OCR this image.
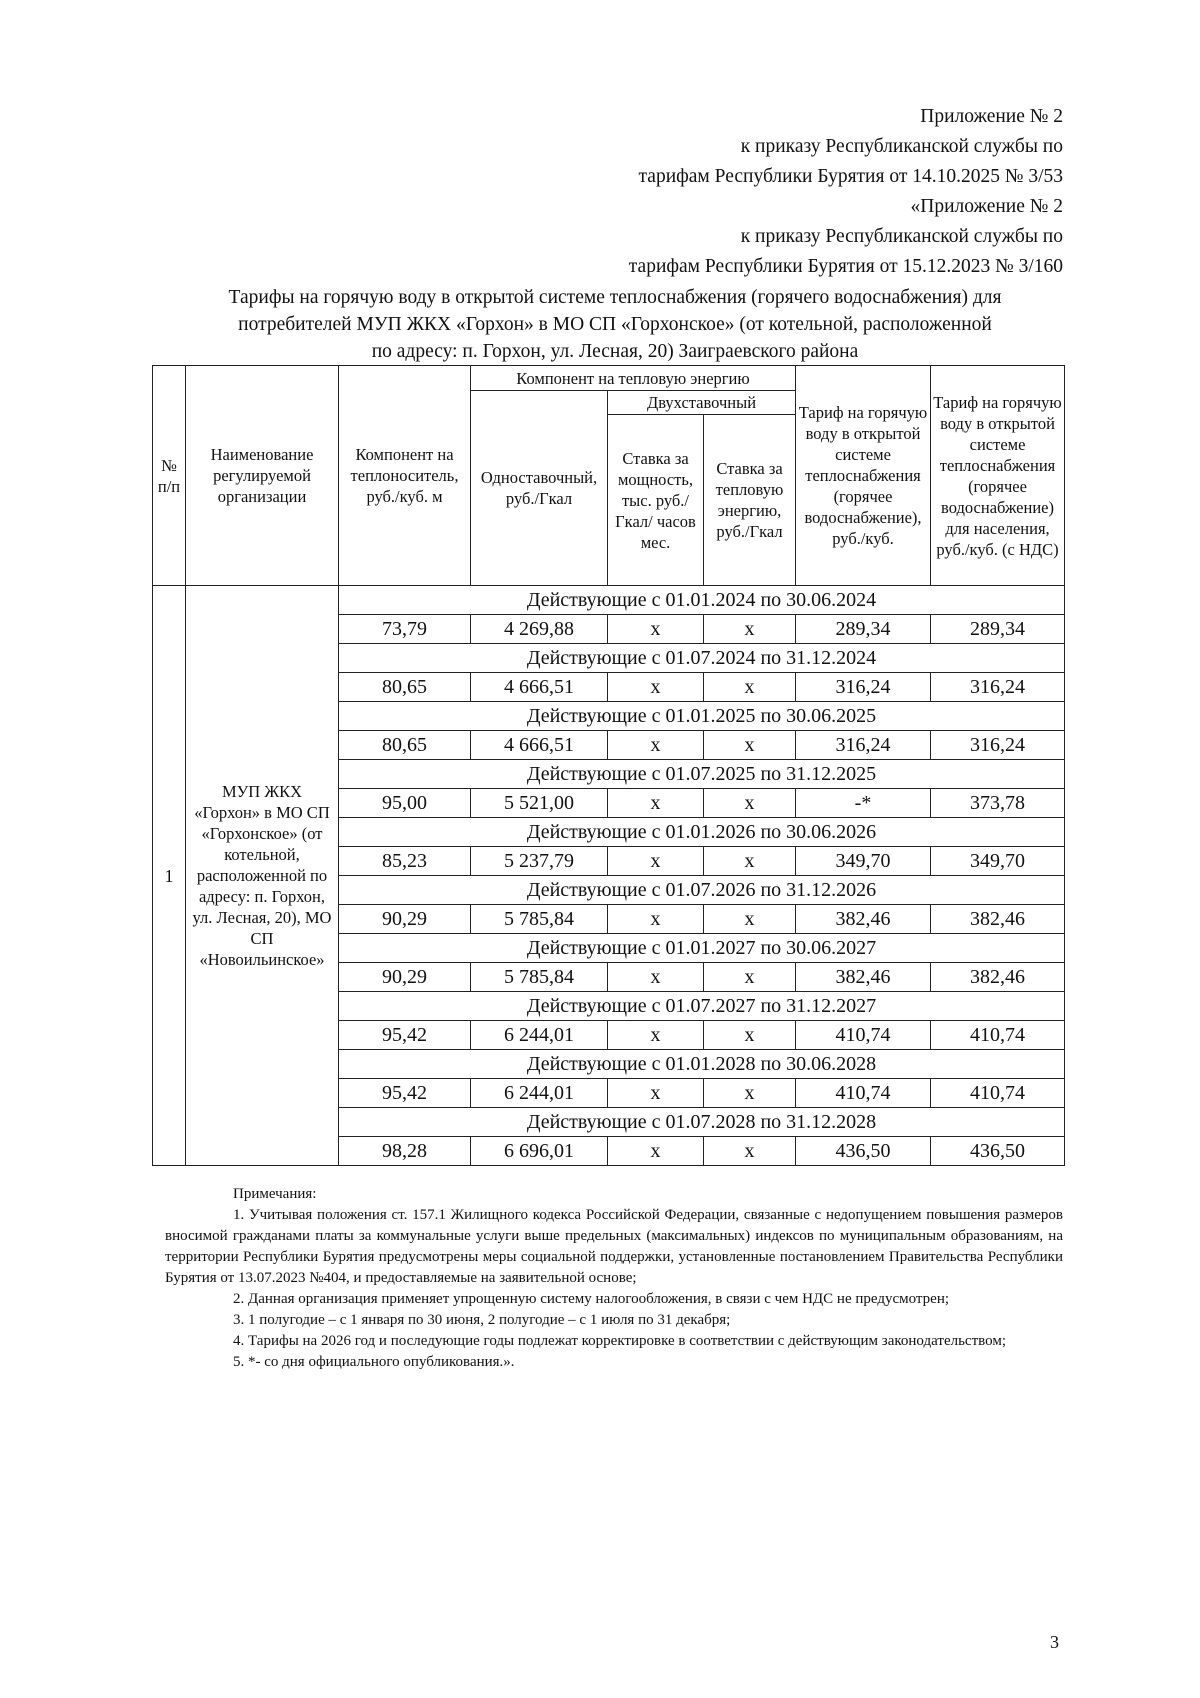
Приложение № 2
к приказу Республиканской службы по
тарифам Республики Бурятия от 14.10.2025 № 3/53
«Приложение № 2
к приказу Республиканской службы по
тарифам Республики Бурятия от 15.12.2023 № 3/160
Тарифы на горячую воду в открытой системе теплоснабжения (горячего водоснабжения) для
потребителей МУП ЖКХ «Горхон» в МО СП «Горхонское» (от котельной, расположенной
по адресу: п. Горхон, ул. Лесная, 20) Заиграевского района
№ п/п	Наименование регулируемой организации	Компонент на теплоноситель, руб./куб. м	Компонент на тепловую энергию			Тариф на горячую воду в открытой системе теплоснабжения (горячее водоснабжение), руб./куб.	Тариф на горячую воду в открытой системе теплоснабжения (горячее водоснабжение) для населения, руб./куб. (с НДС)
			Одноставочный, руб./Гкал	Двухставочный			
				Ставка за мощность, тыс. руб./Гкал/ часов мес.	Ставка за тепловую энергию, руб./Гкал		
1	МУП ЖКХ «Горхон» в МО СП «Горхонское» (от котельной, расположенной по адресу: п. Горхон, ул. Лесная, 20), МО СП «Новоильинское»	Действующие с 01.01.2024 по 30.06.2024					
		73,79	4 269,88	x	x	289,34	289,34
		Действующие с 01.07.2024 по 31.12.2024					
		80,65	4 666,51	x	x	316,24	316,24
		Действующие с 01.01.2025 по 30.06.2025					
		80,65	4 666,51	x	x	316,24	316,24
		Действующие с 01.07.2025 по 31.12.2025					
		95,00	5 521,00	x	x	-*	373,78
		Действующие с 01.01.2026 по 30.06.2026					
		85,23	5 237,79	x	x	349,70	349,70
		Действующие с 01.07.2026 по 31.12.2026					
		90,29	5 785,84	x	x	382,46	382,46
		Действующие с 01.01.2027 по 30.06.2027					
		90,29	5 785,84	x	x	382,46	382,46
		Действующие с 01.07.2027 по 31.12.2027					
		95,42	6 244,01	x	x	410,74	410,74
		Действующие с 01.01.2028 по 30.06.2028					
		95,42	6 244,01	x	x	410,74	410,74
		Действующие с 01.07.2028 по 31.12.2028					
		98,28	6 696,01	x	x	436,50	436,50

Примечания:

1. Учитывая положения ст. 157.1 Жилищного кодекса Российской Федерации, связанные с недопущением повышения размеров вносимой гражданами платы за коммунальные услуги выше предельных (максимальных) индексов по муниципальным образованиям, на территории Республики Бурятия предусмотрены меры социальной поддержки, установленные постановлением Правительства Республики Бурятия от 13.07.2023 №404, и предоставляемые на заявительной основе;

2. Данная организация применяет упрощенную систему налогообложения, в связи с чем НДС не предусмотрен;

3. 1 полугодие – с 1 января по 30 июня, 2 полугодие – с 1 июля по 31 декабря;

4. Тарифы на 2026 год и последующие годы подлежат корректировке в соответствии с действующим законодательством;

5. *- со дня официального опубликования.».

3
